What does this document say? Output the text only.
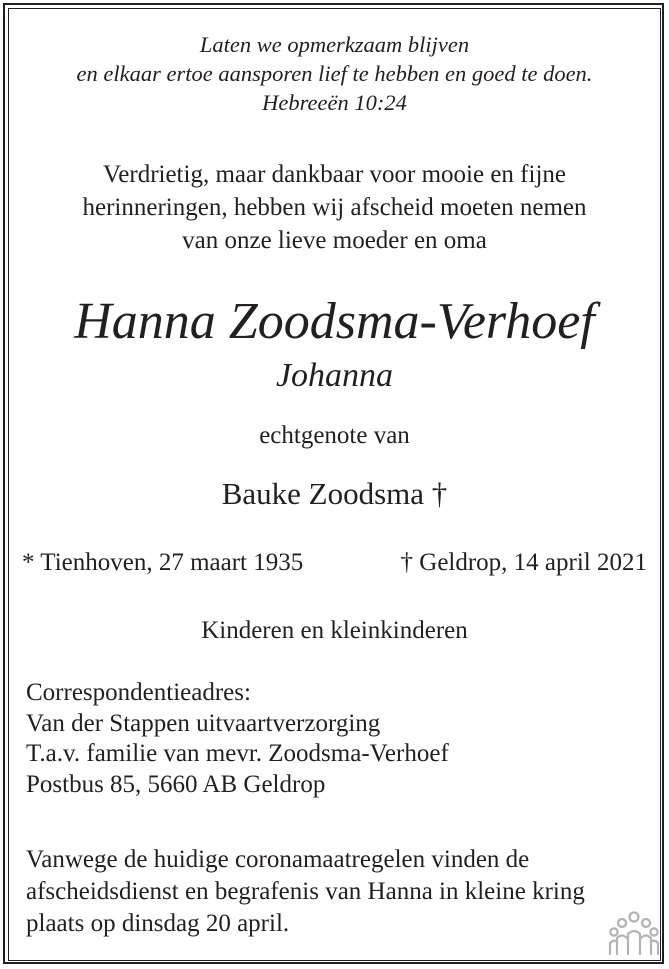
Laten we opmerkzaam blijven
en elkaar ertoe aansporen lief te hebben en goed te doen.
Hebreeën 10:24
Verdrietig, maar dankbaar voor mooie en fijne
herinneringen, hebben wij afscheid moeten nemen
van onze lieve moeder en oma
Hanna Zoodsma-Verhoef
Johanna
echtgenote van
Bauke Zoodsma †
* Tienhoven, 27 maart 1935	† Geldrop, 14 april 2021
Kinderen en kleinkinderen
Correspondentieadres:
Van der Stappen uitvaartverzorging
T.a.v. familie van mevr. Zoodsma-Verhoef
Postbus 85, 5660 AB Geldrop
Vanwege de huidige coronamaatregelen vinden de
afscheidsdienst en begrafenis van Hanna in kleine kring
plaats op dinsdag 20 april.
